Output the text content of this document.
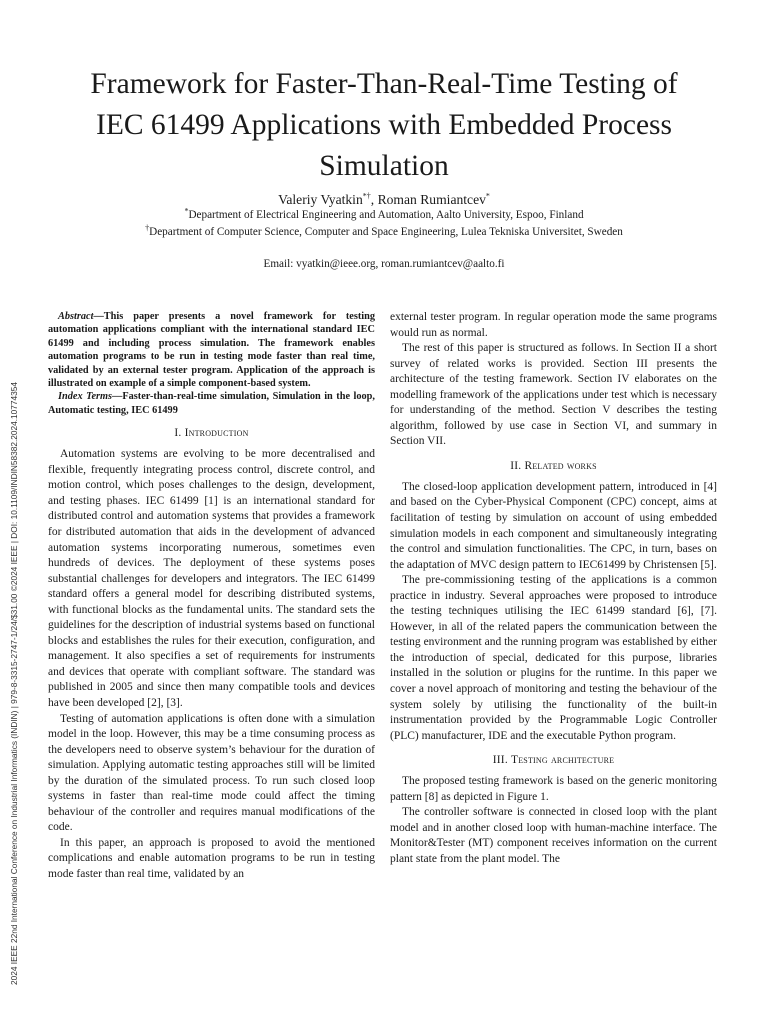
2024 IEEE 22nd International Conference on Industrial Informatics (INDIN) | 979-8-3315-2747-1/24/$31.00 ©2024 IEEE | DOI: 10.1109/INDIN58382.2024.10774354
Framework for Faster-Than-Real-Time Testing of
IEC 61499 Applications with Embedded Process
Simulation
Valeriy Vyatkin*†, Roman Rumiantcev*
*Department of Electrical Engineering and Automation, Aalto University, Espoo, Finland
†Department of Computer Science, Computer and Space Engineering, Lulea Tekniska Universitet, Sweden
Email: vyatkin@ieee.org, roman.rumiantcev@aalto.fi

Abstract—This paper presents a novel framework for testing automation applications compliant with the international standard IEC 61499 and including process simulation. The framework enables automation programs to be run in testing mode faster than real time, validated by an external tester program. Application of the approach is illustrated on example of a simple component-based system.

Index Terms—Faster-than-real-time simulation, Simulation in the loop, Automatic testing, IEC 61499

I. Introduction

Automation systems are evolving to be more decentralised and flexible, frequently integrating process control, discrete control, and motion control, which poses challenges to the design, development, and testing phases. IEC 61499 [1] is an international standard for distributed control and automation systems that provides a framework for distributed automation that aids in the development of advanced automation systems incorporating numerous, sometimes even hundreds of devices. The deployment of these systems poses substantial challenges for developers and integrators. The IEC 61499 standard offers a general model for describing distributed systems, with functional blocks as the fundamental units. The standard sets the guidelines for the description of industrial systems based on functional blocks and establishes the rules for their execution, configuration, and management. It also specifies a set of requirements for instruments and devices that operate with compliant software. The standard was published in 2005 and since then many compatible tools and devices have been developed [2], [3].

Testing of automation applications is often done with a simulation model in the loop. However, this may be a time consuming process as the developers need to observe system’s behaviour for the duration of simulation. Applying automatic testing approaches still will be limited by the duration of the simulated process. To run such closed loop systems in faster than real-time mode could affect the timing behaviour of the controller and requires manual modifications of the code.

In this paper, an approach is proposed to avoid the mentioned complications and enable automation programs to be run in testing mode faster than real time, validated by an

external tester program. In regular operation mode the same programs would run as normal.

The rest of this paper is structured as follows. In Section II a short survey of related works is provided. Section III presents the architecture of the testing framework. Section IV elaborates on the modelling framework of the applications under test which is necessary for understanding of the method. Section V describes the testing algorithm, followed by use case in Section VI, and summary in Section VII.

II. Related works

The closed-loop application development pattern, introduced in [4] and based on the Cyber-Physical Component (CPC) concept, aims at facilitation of testing by simulation on account of using embedded simulation models in each component and simultaneously integrating the control and simulation functionalities. The CPC, in turn, bases on the adaptation of MVC design pattern to IEC61499 by Christensen [5].

The pre-commissioning testing of the applications is a common practice in industry. Several approaches were proposed to introduce the testing techniques utilising the IEC 61499 standard [6], [7]. However, in all of the related papers the communication between the testing environment and the running program was established by either the introduction of special, dedicated for this purpose, libraries installed in the solution or plugins for the runtime. In this paper we cover a novel approach of monitoring and testing the behaviour of the system solely by utilising the functionality of the built-in instrumentation provided by the Programmable Logic Controller (PLC) manufacturer, IDE and the executable Python program.

III. Testing architecture

The proposed testing framework is based on the generic monitoring pattern [8] as depicted in Figure 1.

The controller software is connected in closed loop with the plant model and in another closed loop with human-machine interface. The Monitor&Tester (MT) component receives information on the current plant state from the plant model. The
